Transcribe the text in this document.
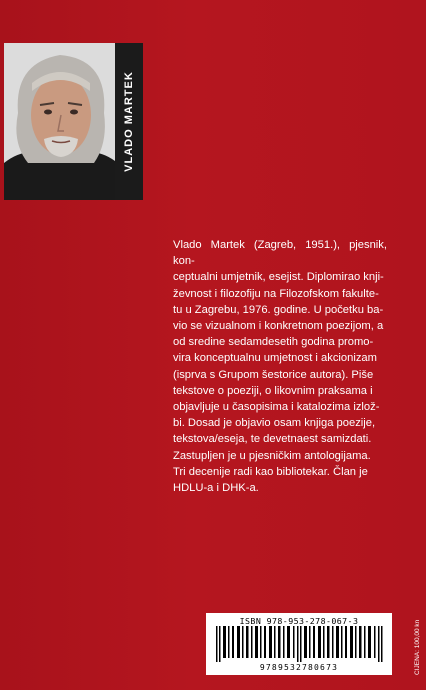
VLADO MARTEK
Vlado Martek (Zagreb, 1951.), pjesnik, kon-
ceptualni umjetnik, esejist. Diplomirao knji-
ževnost i filozofiju na Filozofskom fakulte-
tu u Zagrebu, 1976. godine. U početku ba-
vio se vizualnom i konkretnom poezijom, a
od sredine sedamdesetih godina promo-
vira konceptualnu umjetnost i akcionizam
(isprva s Grupom šestorice autora). Piše
tekstove o poeziji, o likovnim praksama i
objavljuje u časopisima i katalozima izlož-
bi. Dosad je objavio osam knjiga poezije,
tekstova/eseja, te devetnaest samizdati.
Zastupljen je u pjesničkim antologijama.
Tri decenije radi kao bibliotekar. Član je
HDLU-a i DHK-a.
ISBN 978-953-278-067-3
9789532780673	CIJENA: 100,00 kn
